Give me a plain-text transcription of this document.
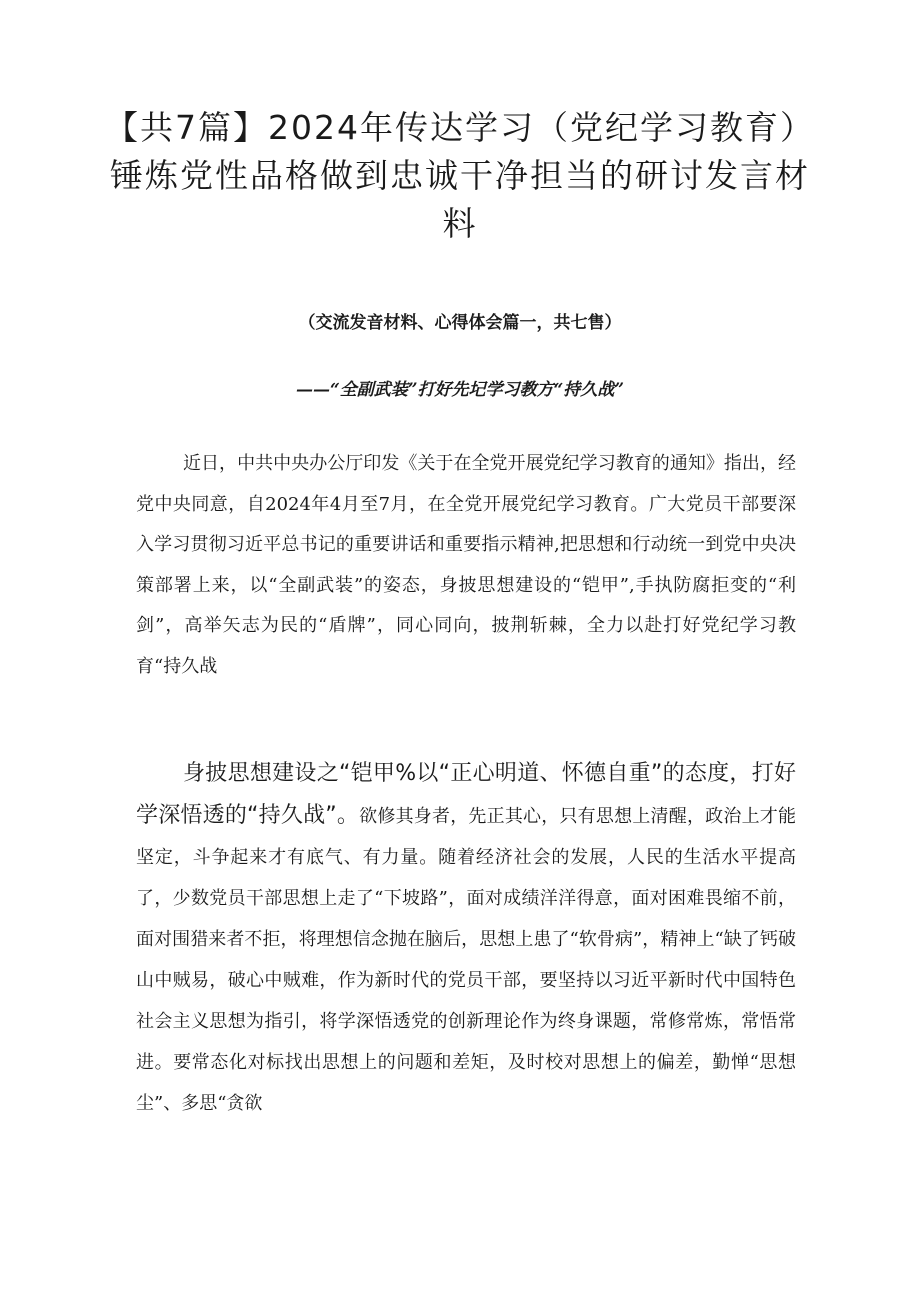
【共7篇】2024年传达学习（党纪学习教育）锤炼党性品格做到忠诚干净担当的研讨发言材料

（交流发音材料、心得体会篇一，共七售）

——“全副武装”打好先圮学习教方“持久战”

近日，中共中央办公厅印发《关于在全党开展党纪学习教育的通知》指出，经党中央同意，自2024年4月至7月，在全党开展党纪学习教育。广大党员干部要深入学习贯彻习近平总书记的重要讲话和重要指示精神,把思想和行动统一到党中央决策部署上来，以“全副武装”的姿态，身披思想建设的“铠甲”,手执防腐拒变的“利剑”，高举矢志为民的“盾牌”，同心同向，披荆斩棘，全力以赴打好党纪学习教育“持久战

身披思想建设之“铠甲%以“正心明道、怀德自重”的态度，打好学深悟透的“持久战”。欲修其身者，先正其心，只有思想上清醒，政治上才能坚定，斗争起来才有底气、有力量。随着经济社会的发展，人民的生活水平提高了，少数党员干部思想上走了“下坡路”，面对成绩洋洋得意，面对困难畏缩不前，面对围猎来者不拒，将理想信念抛在脑后，思想上患了“软骨病”，精神上“缺了钙破山中贼易，破心中贼难，作为新时代的党员干部，要坚持以习近平新时代中国特色社会主义思想为指引，将学深悟透党的创新理论作为终身课题，常修常炼，常悟常进。要常态化对标找出思想上的问题和差矩，及时校对思想上的偏差，勤惮“思想尘”、多思“贪欲
